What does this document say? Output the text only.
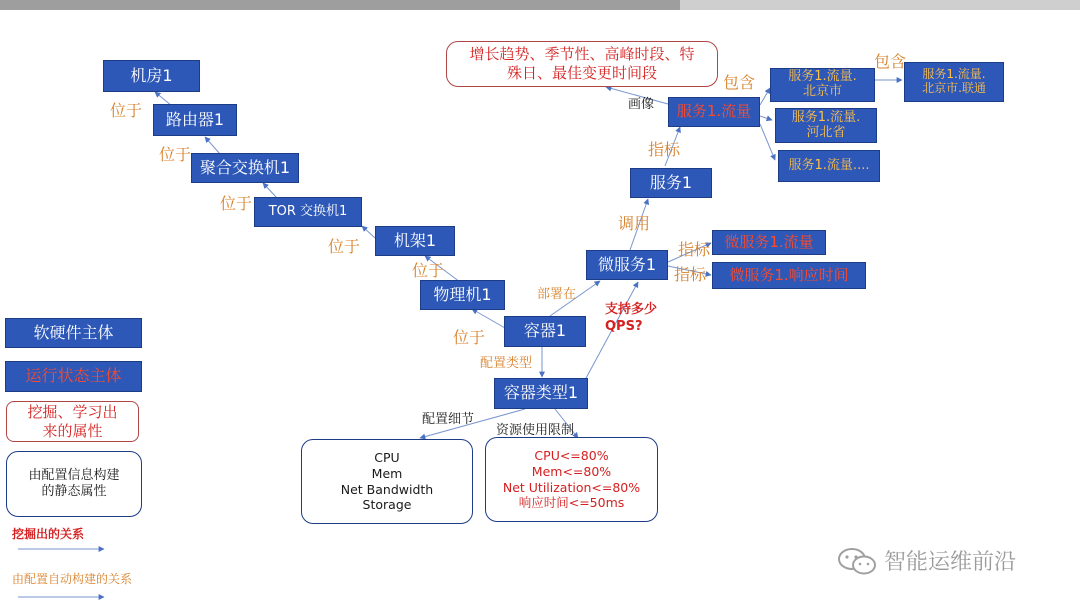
机房1
路由器1
聚合交换机1
TOR 交换机1
机架1
物理机1
容器1
容器类型1
微服务1
服务1
服务1.流量
微服务1.流量
微服务1.响应时间
服务1.流量.
北京市
服务1.流量.
河北省
服务1.流量....
服务1.流量.
北京市.联通
增长趋势、季节性、高峰时段、特
殊日、最佳变更时间段
CPU
Mem
Net Bandwidth
Storage
CPU<=80%
Mem<=80%
Net Utilization<=80%
响应时间<=50ms
位于
位于
位于
位于
位于
位于
部署在
配置类型
配置细节
资源使用限制
调用
指标
指标
指标
画像
包含
包含
支持多少
QPS?
软硬件主体
运行状态主体
挖掘、学习出
来的属性
由配置信息构建
的静态属性
挖掘出的关系
由配置自动构建的关系
智能运维前沿
